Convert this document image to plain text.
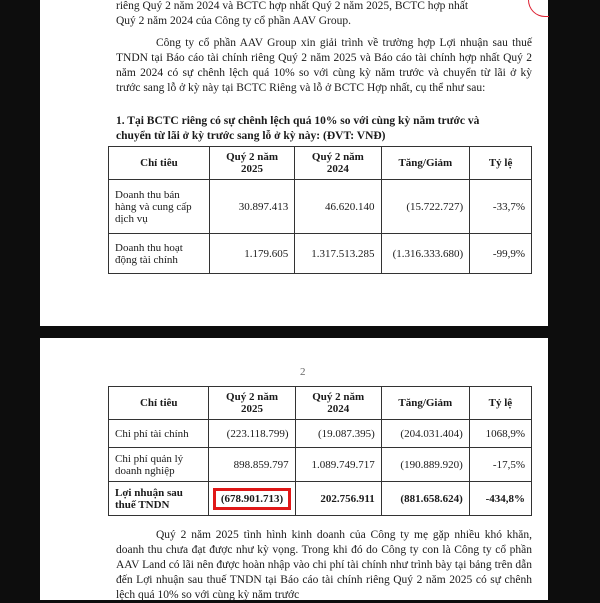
riêng Quý 2 năm 2024 và BCTC hợp nhất Quý 2 năm 2025, BCTC hợp nhất

Quý 2 năm 2024 của Công ty cổ phần AAV Group.

Công ty cổ phần AAV Group xin giải trình về trường hợp Lợi nhuận sau thuế TNDN tại Báo cáo tài chính riêng Quý 2 năm 2025 và Báo cáo tài chính hợp nhất Quý 2 năm 2024 có sự chênh lệch quá 10% so với cùng kỳ năm trước và chuyển từ lãi ở kỳ trước sang lỗ ở kỳ này tại BCTC Riêng và lỗ ở BCTC Hợp nhất, cụ thể như sau:

1. Tại BCTC riêng có sự chênh lệch quá 10% so với cùng kỳ năm trước và chuyển từ lãi ở kỳ trước sang lỗ ở kỳ này: (ĐVT: VNĐ)

Chỉ tiêu	Quý 2 năm 2025	Quý 2 năm 2024	Tăng/Giảm	Tỷ lệ
Doanh thu bán hàng và cung cấp dịch vụ	30.897.413	46.620.140	(15.722.727)	-33,7%
Doanh thu hoạt động tài chính	1.179.605	1.317.513.285	(1.316.333.680)	-99,9%
2
Chỉ tiêu	Quý 2 năm 2025	Quý 2 năm 2024	Tăng/Giảm	Tỷ lệ
Chi phí tài chính	(223.118.799)	(19.087.395)	(204.031.404)	1068,9%
Chi phí quản lý doanh nghiệp	898.859.797	1.089.749.717	(190.889.920)	-17,5%
Lợi nhuận sau thuế TNDN	(678.901.713)	202.756.911	(881.658.624)	-434,8%

Quý 2 năm 2025 tình hình kinh doanh của Công ty mẹ gặp nhiều khó khăn, doanh thu chưa đạt được như kỳ vọng. Trong khi đó do Công ty con là Công ty cổ phần AAV Land có lãi nên được hoàn nhập vào chi phí tài chính như trình bày tại bảng trên dẫn đến Lợi nhuận sau thuế TNDN tại Báo cáo tài chính riêng Quý 2 năm 2025 có sự chênh lệch quá 10% so với cùng kỳ năm trước
